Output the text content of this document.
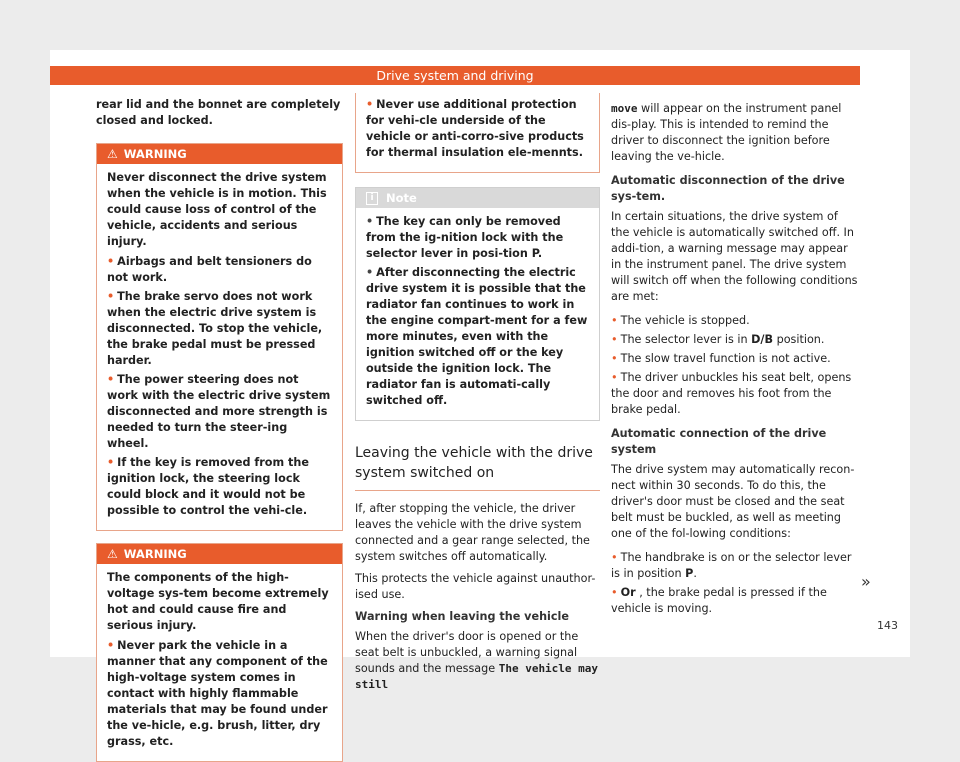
Drive system and driving

rear lid and the bonnet are completely closed and locked.

⚠ WARNING

Never disconnect the drive system when the vehicle is in motion. This could cause loss of control of the vehicle, accidents and serious injury.

• Airbags and belt tensioners do not work.
• The brake servo does not work when the electric drive system is disconnected. To stop the vehicle, the brake pedal must be pressed harder.
• The power steering does not work with the electric drive system disconnected and more strength is needed to turn the steer-ing wheel.
• If the key is removed from the ignition lock, the steering lock could block and it would not be possible to control the vehi-cle.
⚠ WARNING

The components of the high-voltage sys-tem become extremely hot and could cause fire and serious injury.

• Never park the vehicle in a manner that any component of the high-voltage system comes in contact with highly flammable materials that may be found under the ve-hicle, e.g. brush, litter, dry grass, etc.
• Never use additional protection for vehi-cle underside of the vehicle or anti-corro-sive products for thermal insulation ele-mennts.
i	Note
• The key can only be removed from the ig-nition lock with the selector lever in posi-tion P.
• After disconnecting the electric drive system it is possible that the radiator fan continues to work in the engine compart-ment for a few more minutes, even with the ignition switched off or the key outside the ignition lock. The radiator fan is automati-cally switched off.
Leaving the vehicle with the drive system switched on

If, after stopping the vehicle, the driver leaves the vehicle with the drive system connected and a gear range selected, the system switches off automatically.

This protects the vehicle against unauthor-ised use.

Warning when leaving the vehicle

When the driver's door is opened or the seat belt is unbuckled, a warning signal sounds and the message The vehicle may still

move will appear on the instrument panel dis-play. This is intended to remind the driver to disconnect the ignition before leaving the ve-hicle.

Automatic disconnection of the drive sys-tem.

In certain situations, the drive system of the vehicle is automatically switched off. In addi-tion, a warning message may appear in the instrument panel. The drive system will switch off when the following conditions are met:

• The vehicle is stopped.
• The selector lever is in D/B position.
• The slow travel function is not active.
• The driver unbuckles his seat belt, opens the door and removes his foot from the brake pedal.

Automatic connection of the drive system

The drive system may automatically recon-nect within 30 seconds. To do this, the driver's door must be closed and the seat belt must be buckled, as well as meeting one of the fol-lowing conditions:

• The handbrake is on or the selector lever is in position P.
• Or , the brake pedal is pressed if the vehicle is moving.
»
143
